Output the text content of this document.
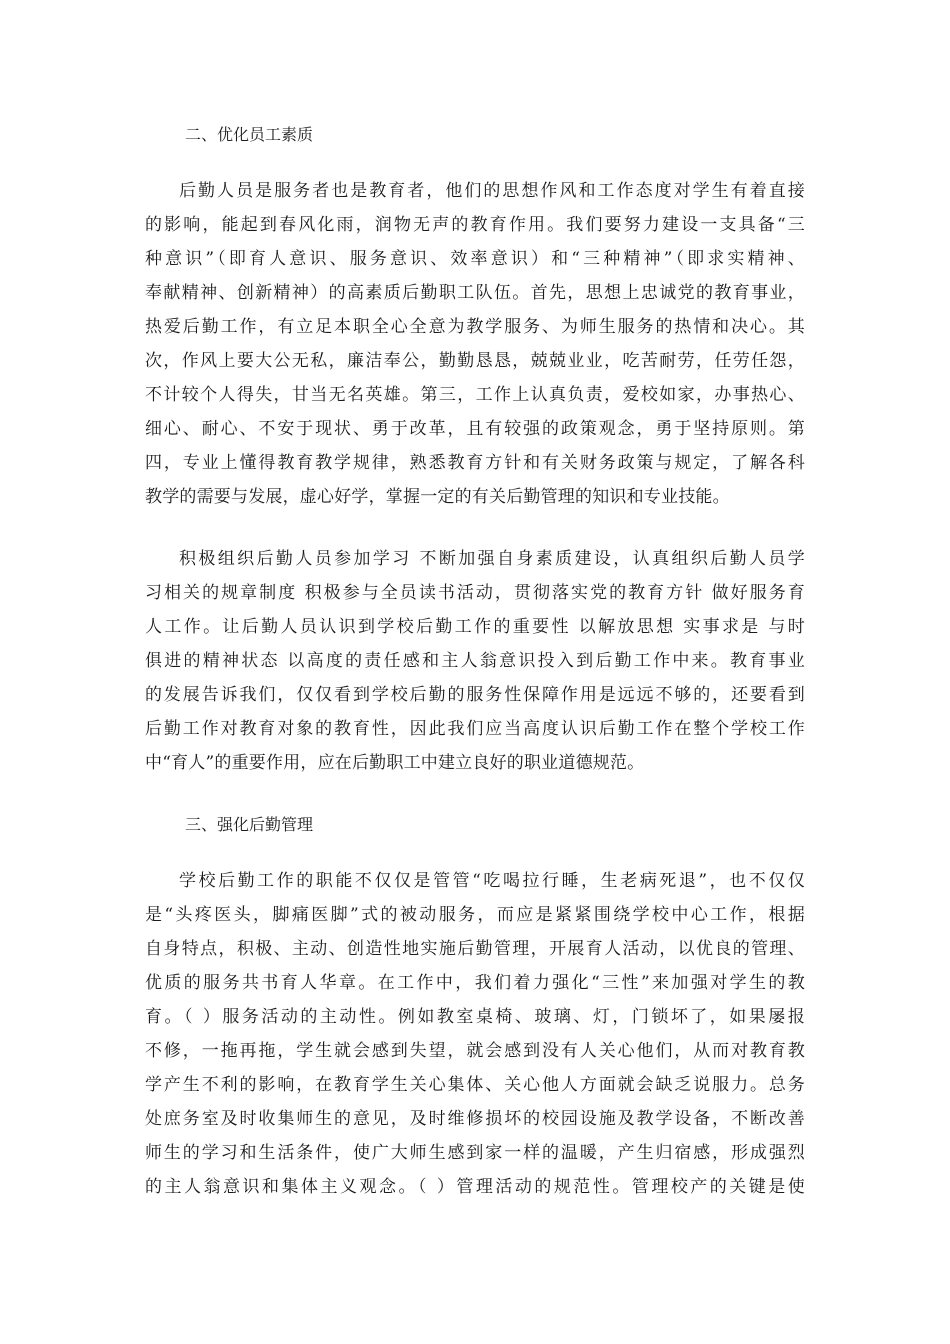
二、优化员工素质

后勤人员是服务者也是教育者，他们的思想作风和工作态度对学生有着直接

的影响，能起到春风化雨，润物无声的教育作用。我们要努力建设一支具备“三

种意识”（即育人意识、服务意识、效率意识）和“三种精神”（即求实精神、

奉献精神、创新精神）的高素质后勤职工队伍。首先，思想上忠诚党的教育事业，

热爱后勤工作，有立足本职全心全意为教学服务、为师生服务的热情和决心。其

次，作风上要大公无私，廉洁奉公，勤勤恳恳，兢兢业业，吃苦耐劳，任劳任怨，

不计较个人得失，甘当无名英雄。第三，工作上认真负责，爱校如家，办事热心、

细心、耐心、不安于现状、勇于改革，且有较强的政策观念，勇于坚持原则。第

四，专业上懂得教育教学规律，熟悉教育方针和有关财务政策与规定，了解各科

教学的需要与发展，虚心好学，掌握一定的有关后勤管理的知识和专业技能。

积极组织后勤人员参加学习 不断加强自身素质建设，认真组织后勤人员学

习相关的规章制度 积极参与全员读书活动，贯彻落实党的教育方针 做好服务育

人工作。让后勤人员认识到学校后勤工作的重要性 以解放思想 实事求是 与时

俱进的精神状态 以高度的责任感和主人翁意识投入到后勤工作中来。教育事业

的发展告诉我们，仅仅看到学校后勤的服务性保障作用是远远不够的，还要看到

后勤工作对教育对象的教育性，因此我们应当高度认识后勤工作在整个学校工作

中“育人”的重要作用，应在后勤职工中建立良好的职业道德规范。

三、强化后勤管理

学校后勤工作的职能不仅仅是管管“吃喝拉行睡，生老病死退”，也不仅仅

是“头疼医头，脚痛医脚”式的被动服务，而应是紧紧围绕学校中心工作，根据

自身特点，积极、主动、创造性地实施后勤管理，开展育人活动，以优良的管理、

优质的服务共书育人华章。在工作中，我们着力强化“三性”来加强对学生的教

育。（ ）服务活动的主动性。例如教室桌椅、玻璃、灯，门锁坏了，如果屡报

不修，一拖再拖，学生就会感到失望，就会感到没有人关心他们，从而对教育教

学产生不利的影响，在教育学生关心集体、关心他人方面就会缺乏说服力。总务

处庶务室及时收集师生的意见，及时维修损坏的校园设施及教学设备，不断改善

师生的学习和生活条件，使广大师生感到家一样的温暖，产生归宿感，形成强烈

的主人翁意识和集体主义观念。（ ）管理活动的规范性。管理校产的关键是使
